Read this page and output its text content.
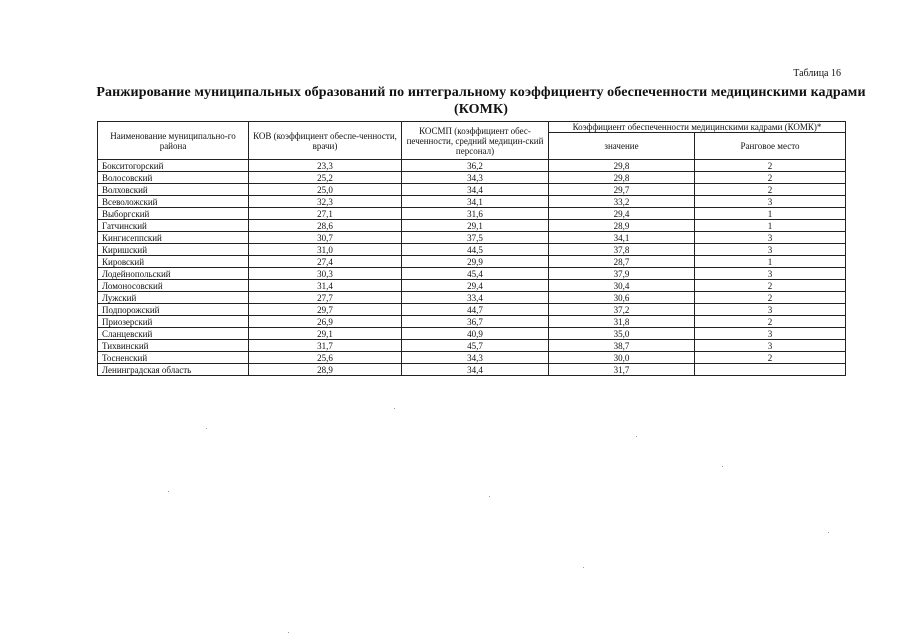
Таблица 16
Ранжирование муниципальных образований по интегральному коэффициенту обеспеченности медицинскими кадрами (КОМК)
Наименование муниципально-го района	КОВ (коэффициент обеспе-ченности, врачи)	КОСМП (коэффициент обес-печенности, средний медицин-ский персонал)	Коэффициент обеспеченности медицинскими кадрами (КОМК)*	
			значение	Ранговое место
Бокситогорский	23,3	36,2	29,8	2
Волосовский	25,2	34,3	29,8	2
Волховский	25,0	34,4	29,7	2
Всеволожский	32,3	34,1	33,2	3
Выборгский	27,1	31,6	29,4	1
Гатчинский	28,6	29,1	28,9	1
Кингисеппский	30,7	37,5	34,1	3
Киришский	31,0	44,5	37,8	3
Кировский	27,4	29,9	28,7	1
Лодейнопольский	30,3	45,4	37,9	3
Ломоносовский	31,4	29,4	30,4	2
Лужский	27,7	33,4	30,6	2
Подпорожский	29,7	44,7	37,2	3
Приозерский	26,9	36,7	31,8	2
Сланцевский	29,1	40,9	35,0	3
Тихвинский	31,7	45,7	38,7	3
Тосненский	25,6	34,3	30,0	2
Ленинградская область	28,9	34,4	31,7	
